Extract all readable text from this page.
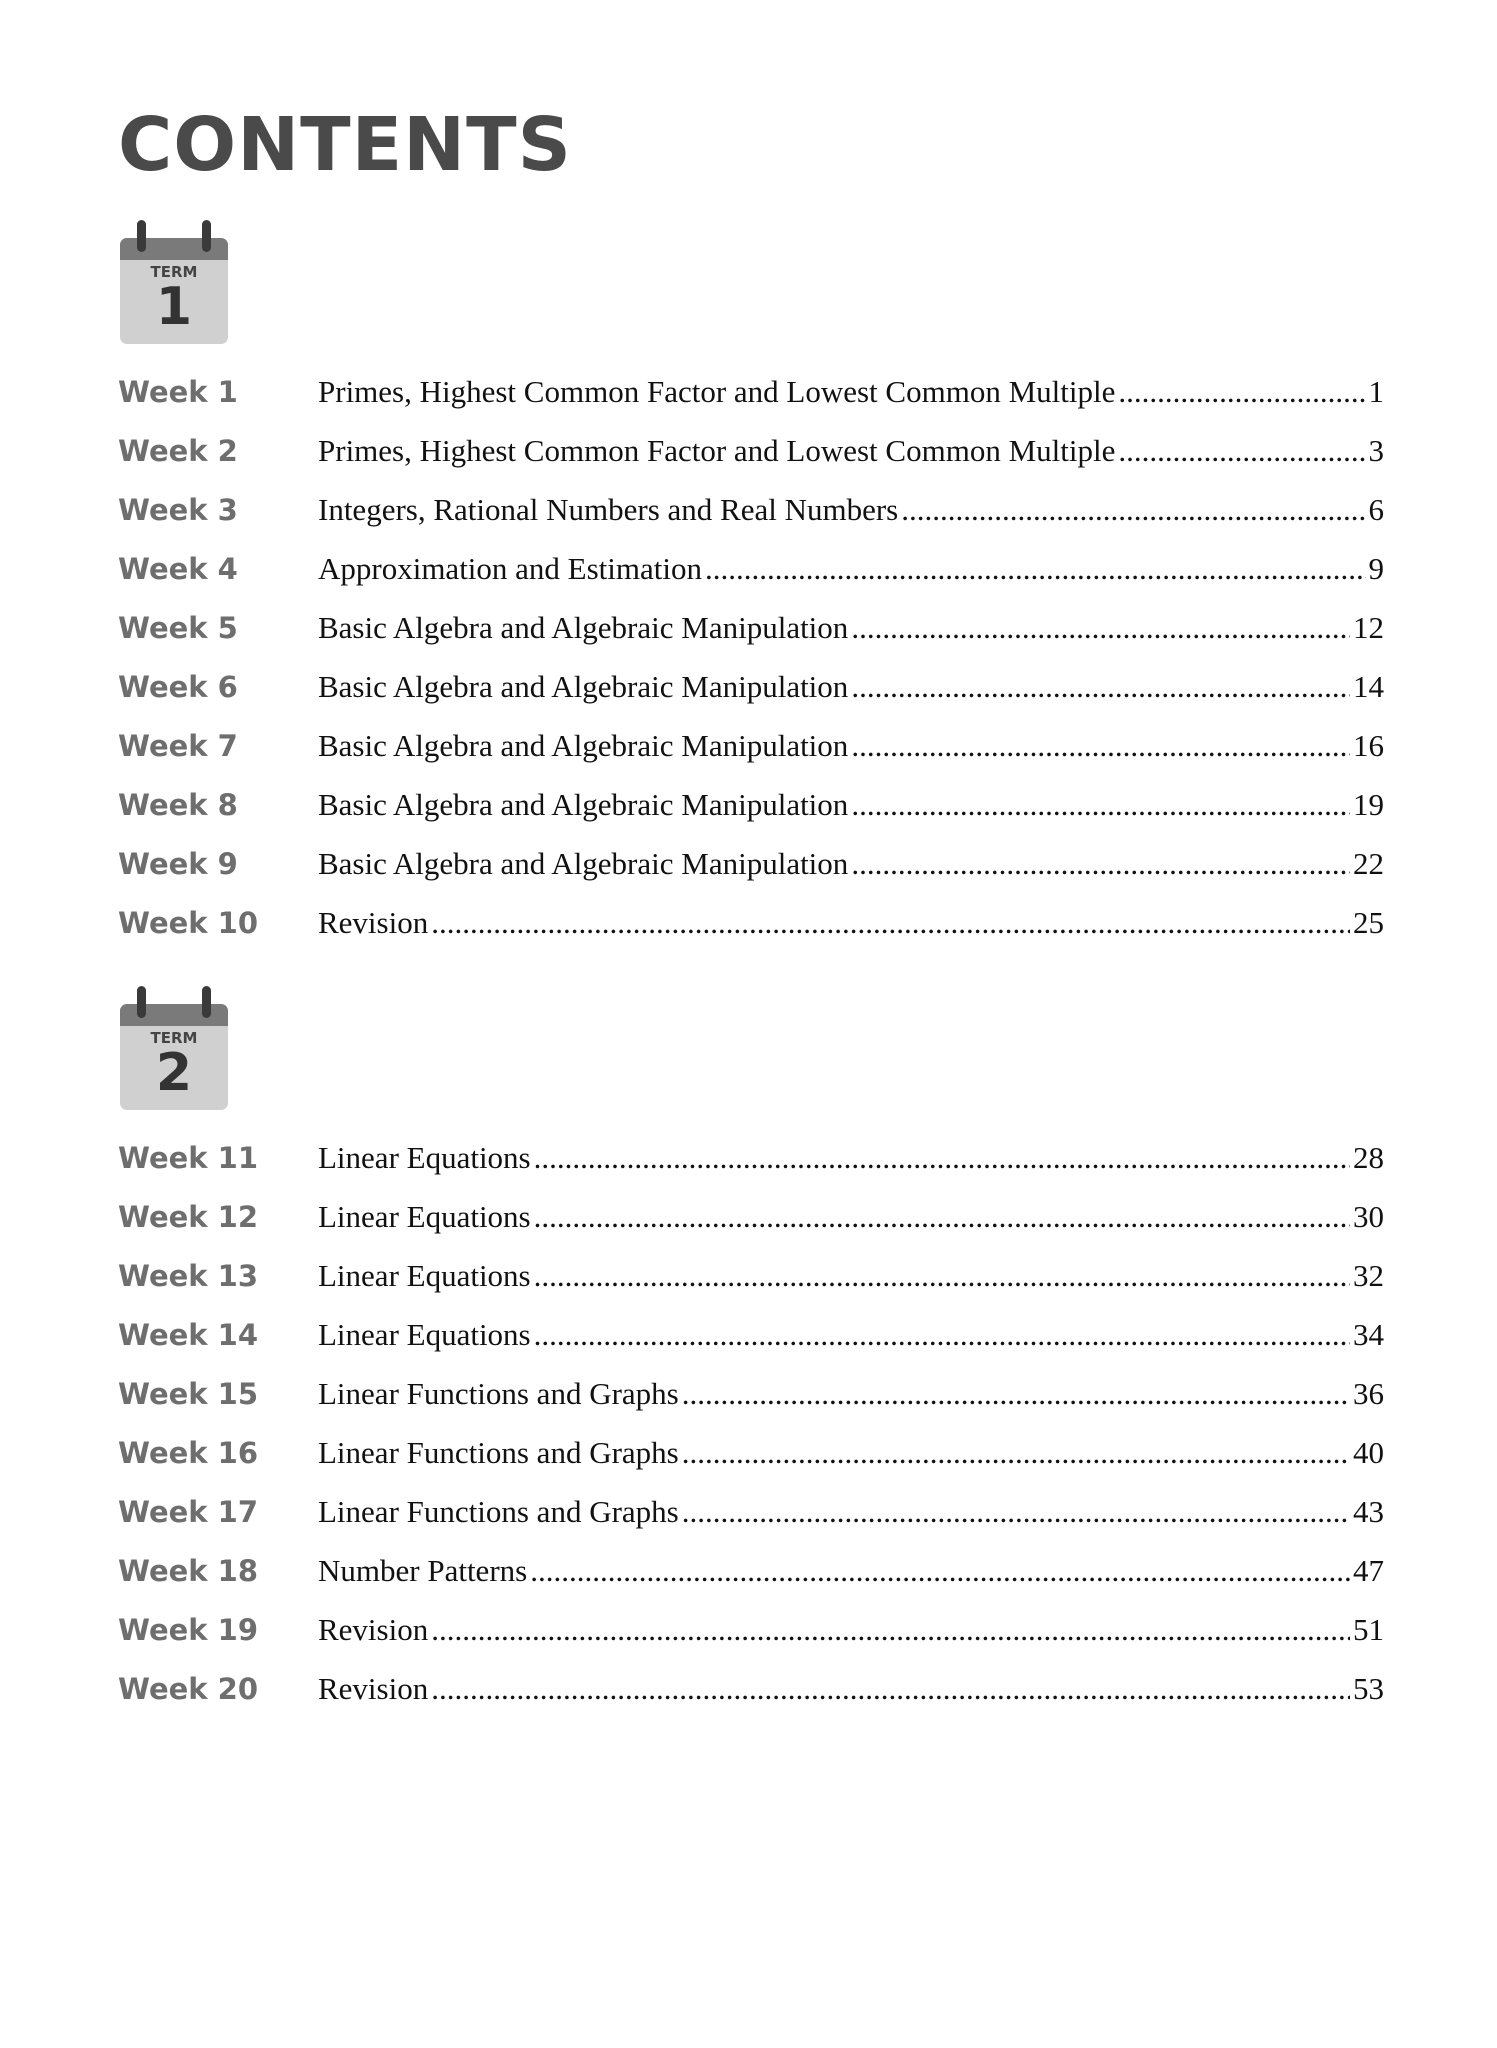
CONTENTS
TERM
1
Week 1	Primes, Highest Common Factor and Lowest Common Multiple .....	1
Week 2	Primes, Highest Common Factor and Lowest Common Multiple .....	3
Week 3	Integers, Rational Numbers and Real Numbers .....	6
Week 4	Approximation and Estimation .....	9
Week 5	Basic Algebra and Algebraic Manipulation .....	12
Week 6	Basic Algebra and Algebraic Manipulation .....	14
Week 7	Basic Algebra and Algebraic Manipulation .....	16
Week 8	Basic Algebra and Algebraic Manipulation .....	19
Week 9	Basic Algebra and Algebraic Manipulation .....	22
Week 10	Revision .....	25
TERM
2
Week 11	Linear Equations .....	28
Week 12	Linear Equations .....	30
Week 13	Linear Equations .....	32
Week 14	Linear Equations .....	34
Week 15	Linear Functions and Graphs .....	36
Week 16	Linear Functions and Graphs .....	40
Week 17	Linear Functions and Graphs .....	43
Week 18	Number Patterns .....	47
Week 19	Revision .....	51
Week 20	Revision .....	53
